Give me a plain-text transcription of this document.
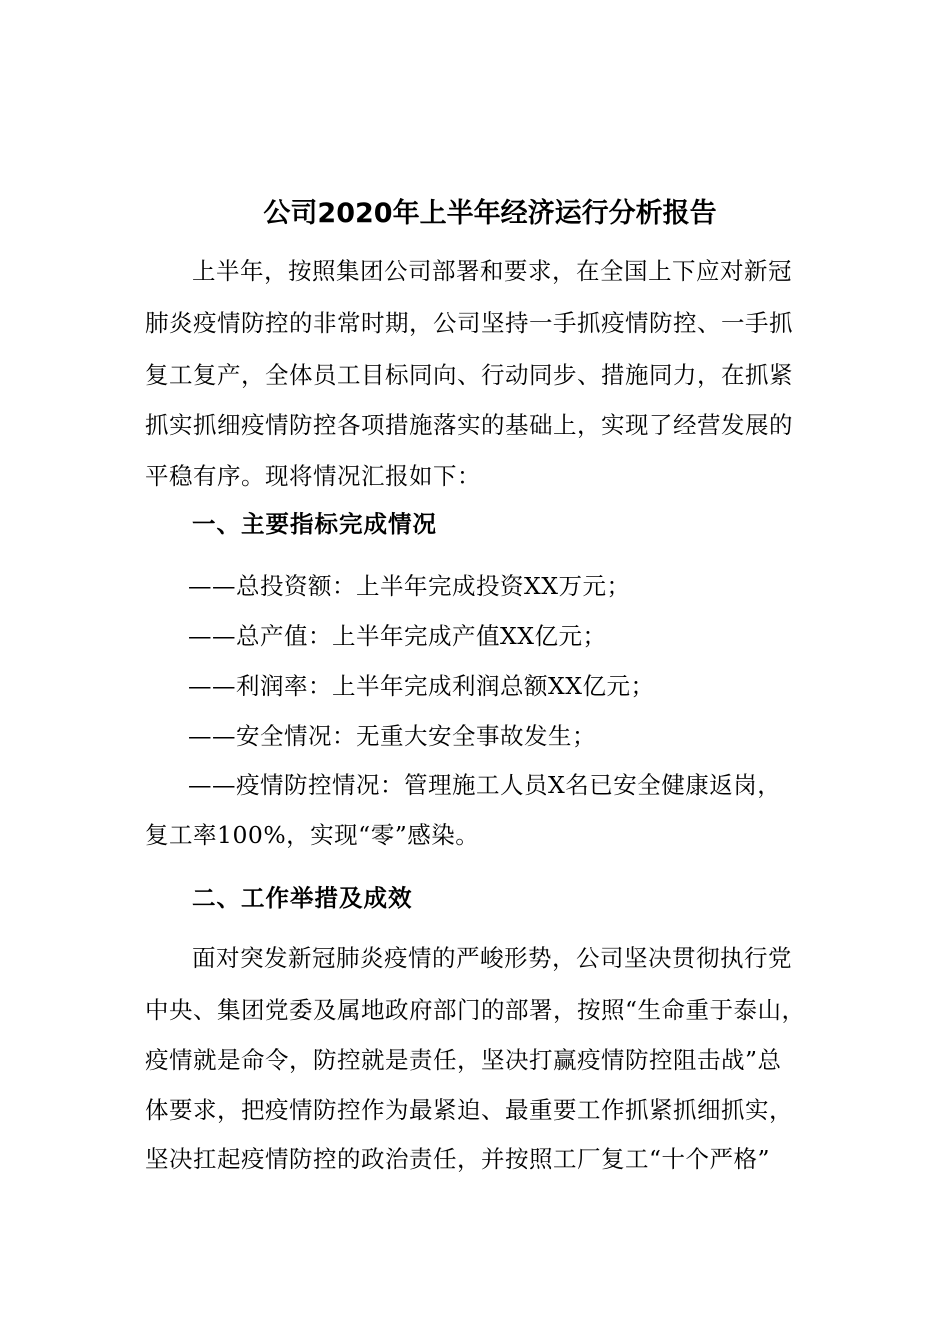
公司2020年上半年经济运行分析报告

上半年，按照集团公司部署和要求，在全国上下应对新冠

肺炎疫情防控的非常时期，公司坚持一手抓疫情防控、一手抓

复工复产，全体员工目标同向、行动同步、措施同力，在抓紧

抓实抓细疫情防控各项措施落实的基础上，实现了经营发展的

平稳有序。现将情况汇报如下：

一、主要指标完成情况

——总投资额：上半年完成投资XX万元；

——总产值：上半年完成产值XX亿元；

——利润率：上半年完成利润总额XX亿元；

——安全情况：无重大安全事故发生；

——疫情防控情况：管理施工人员X名已安全健康返岗，

复工率100%，实现“零”感染。

二、工作举措及成效

面对突发新冠肺炎疫情的严峻形势，公司坚决贯彻执行党

中央、集团党委及属地政府部门的部署，按照“生命重于泰山，

疫情就是命令，防控就是责任，坚决打赢疫情防控阻击战”总

体要求，把疫情防控作为最紧迫、最重要工作抓紧抓细抓实，

坚决扛起疫情防控的政治责任，并按照工厂复工“十个严格”
